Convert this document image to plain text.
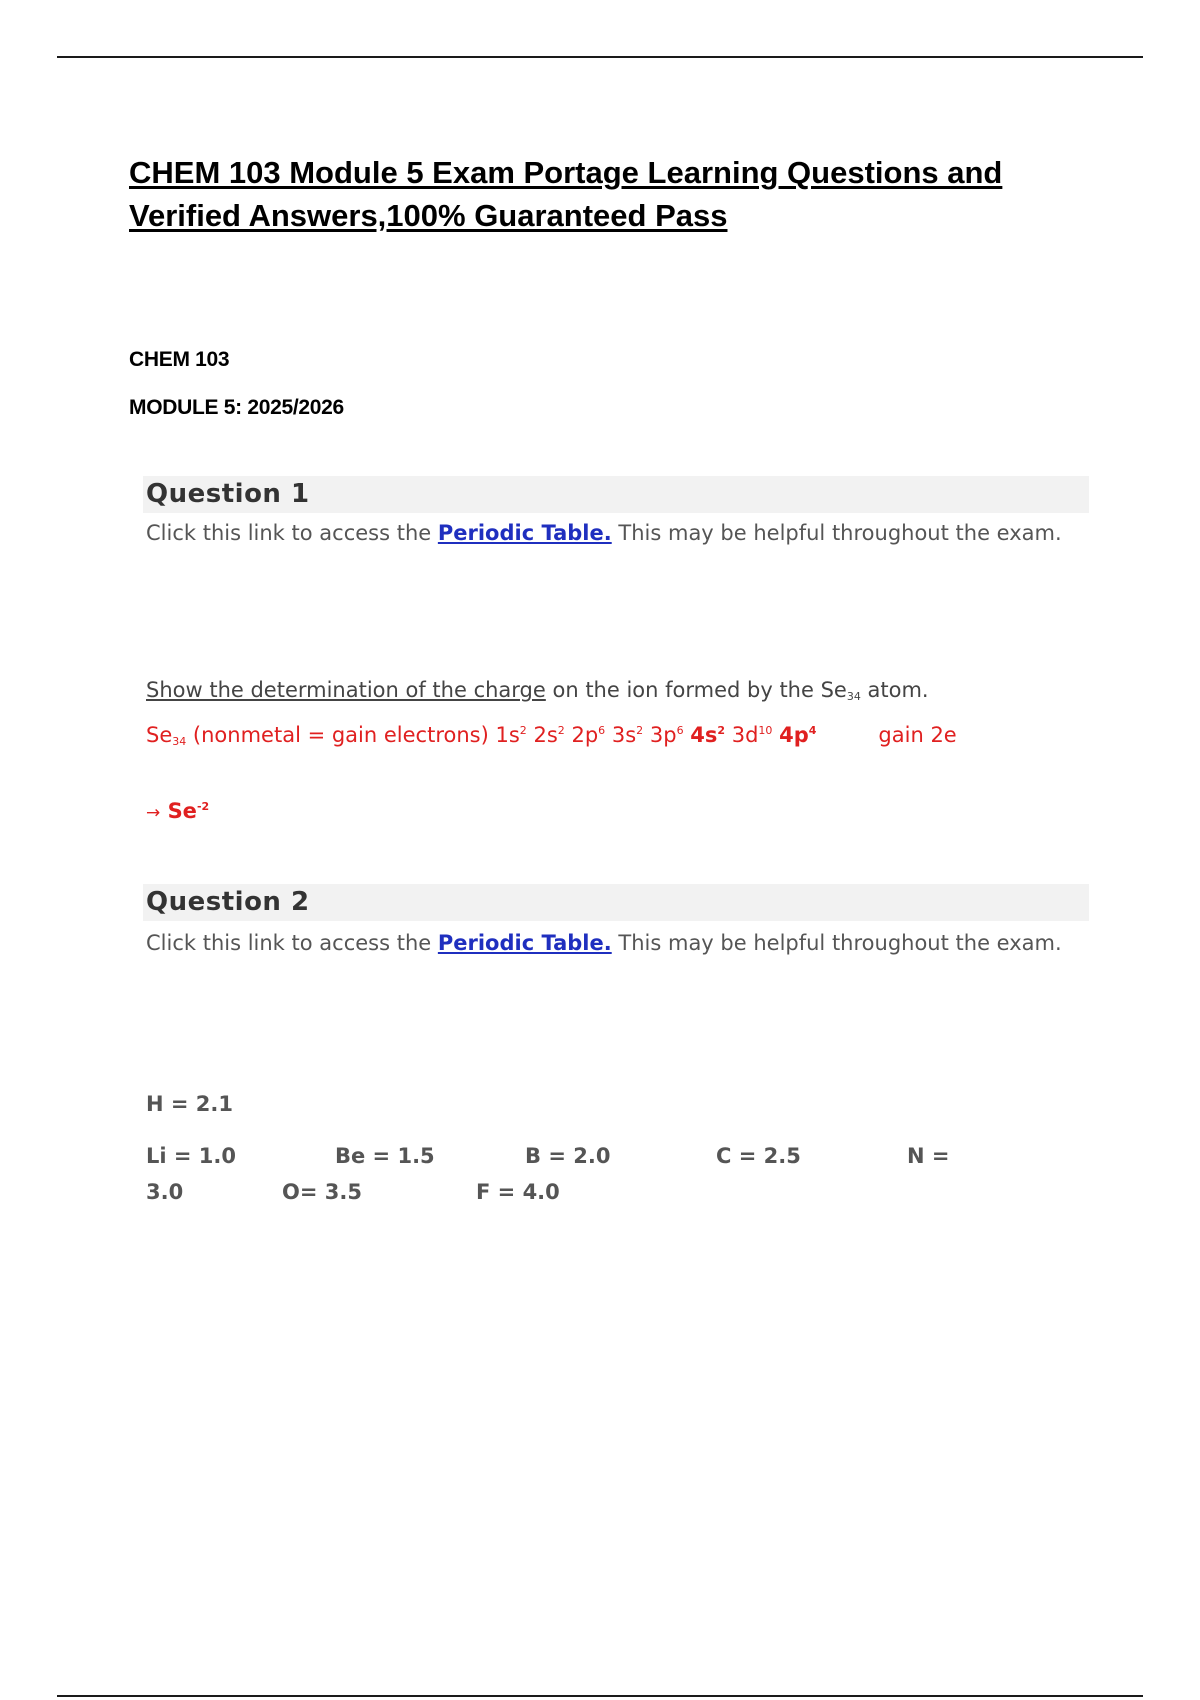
CHEM 103 Module 5 Exam Portage Learning Questions and Verified Answers,100% Guaranteed Pass
CHEM 103
MODULE 5: 2025/2026
Question 1
Click this link to access the Periodic Table. This may be helpful throughout the exam.
Show the determination of the charge on the ion formed by the $Se_{34}$ atom.
$Se_{34}$ (nonmetal = gain electrons) $1s^2$ $2s^2$ $2p^6$ $3s^2$ $3p^6$ $4s^2$ $3d^{10}$ $4p^4$	gain 2e
→ $Se^{-2}$
Question 2
Click this link to access the Periodic Table. This may be helpful throughout the exam.
H = 2.1
Li = 1.0	Be = 1.5	B = 2.0	C = 2.5	N =
3.0	O= 3.5	F = 4.0
